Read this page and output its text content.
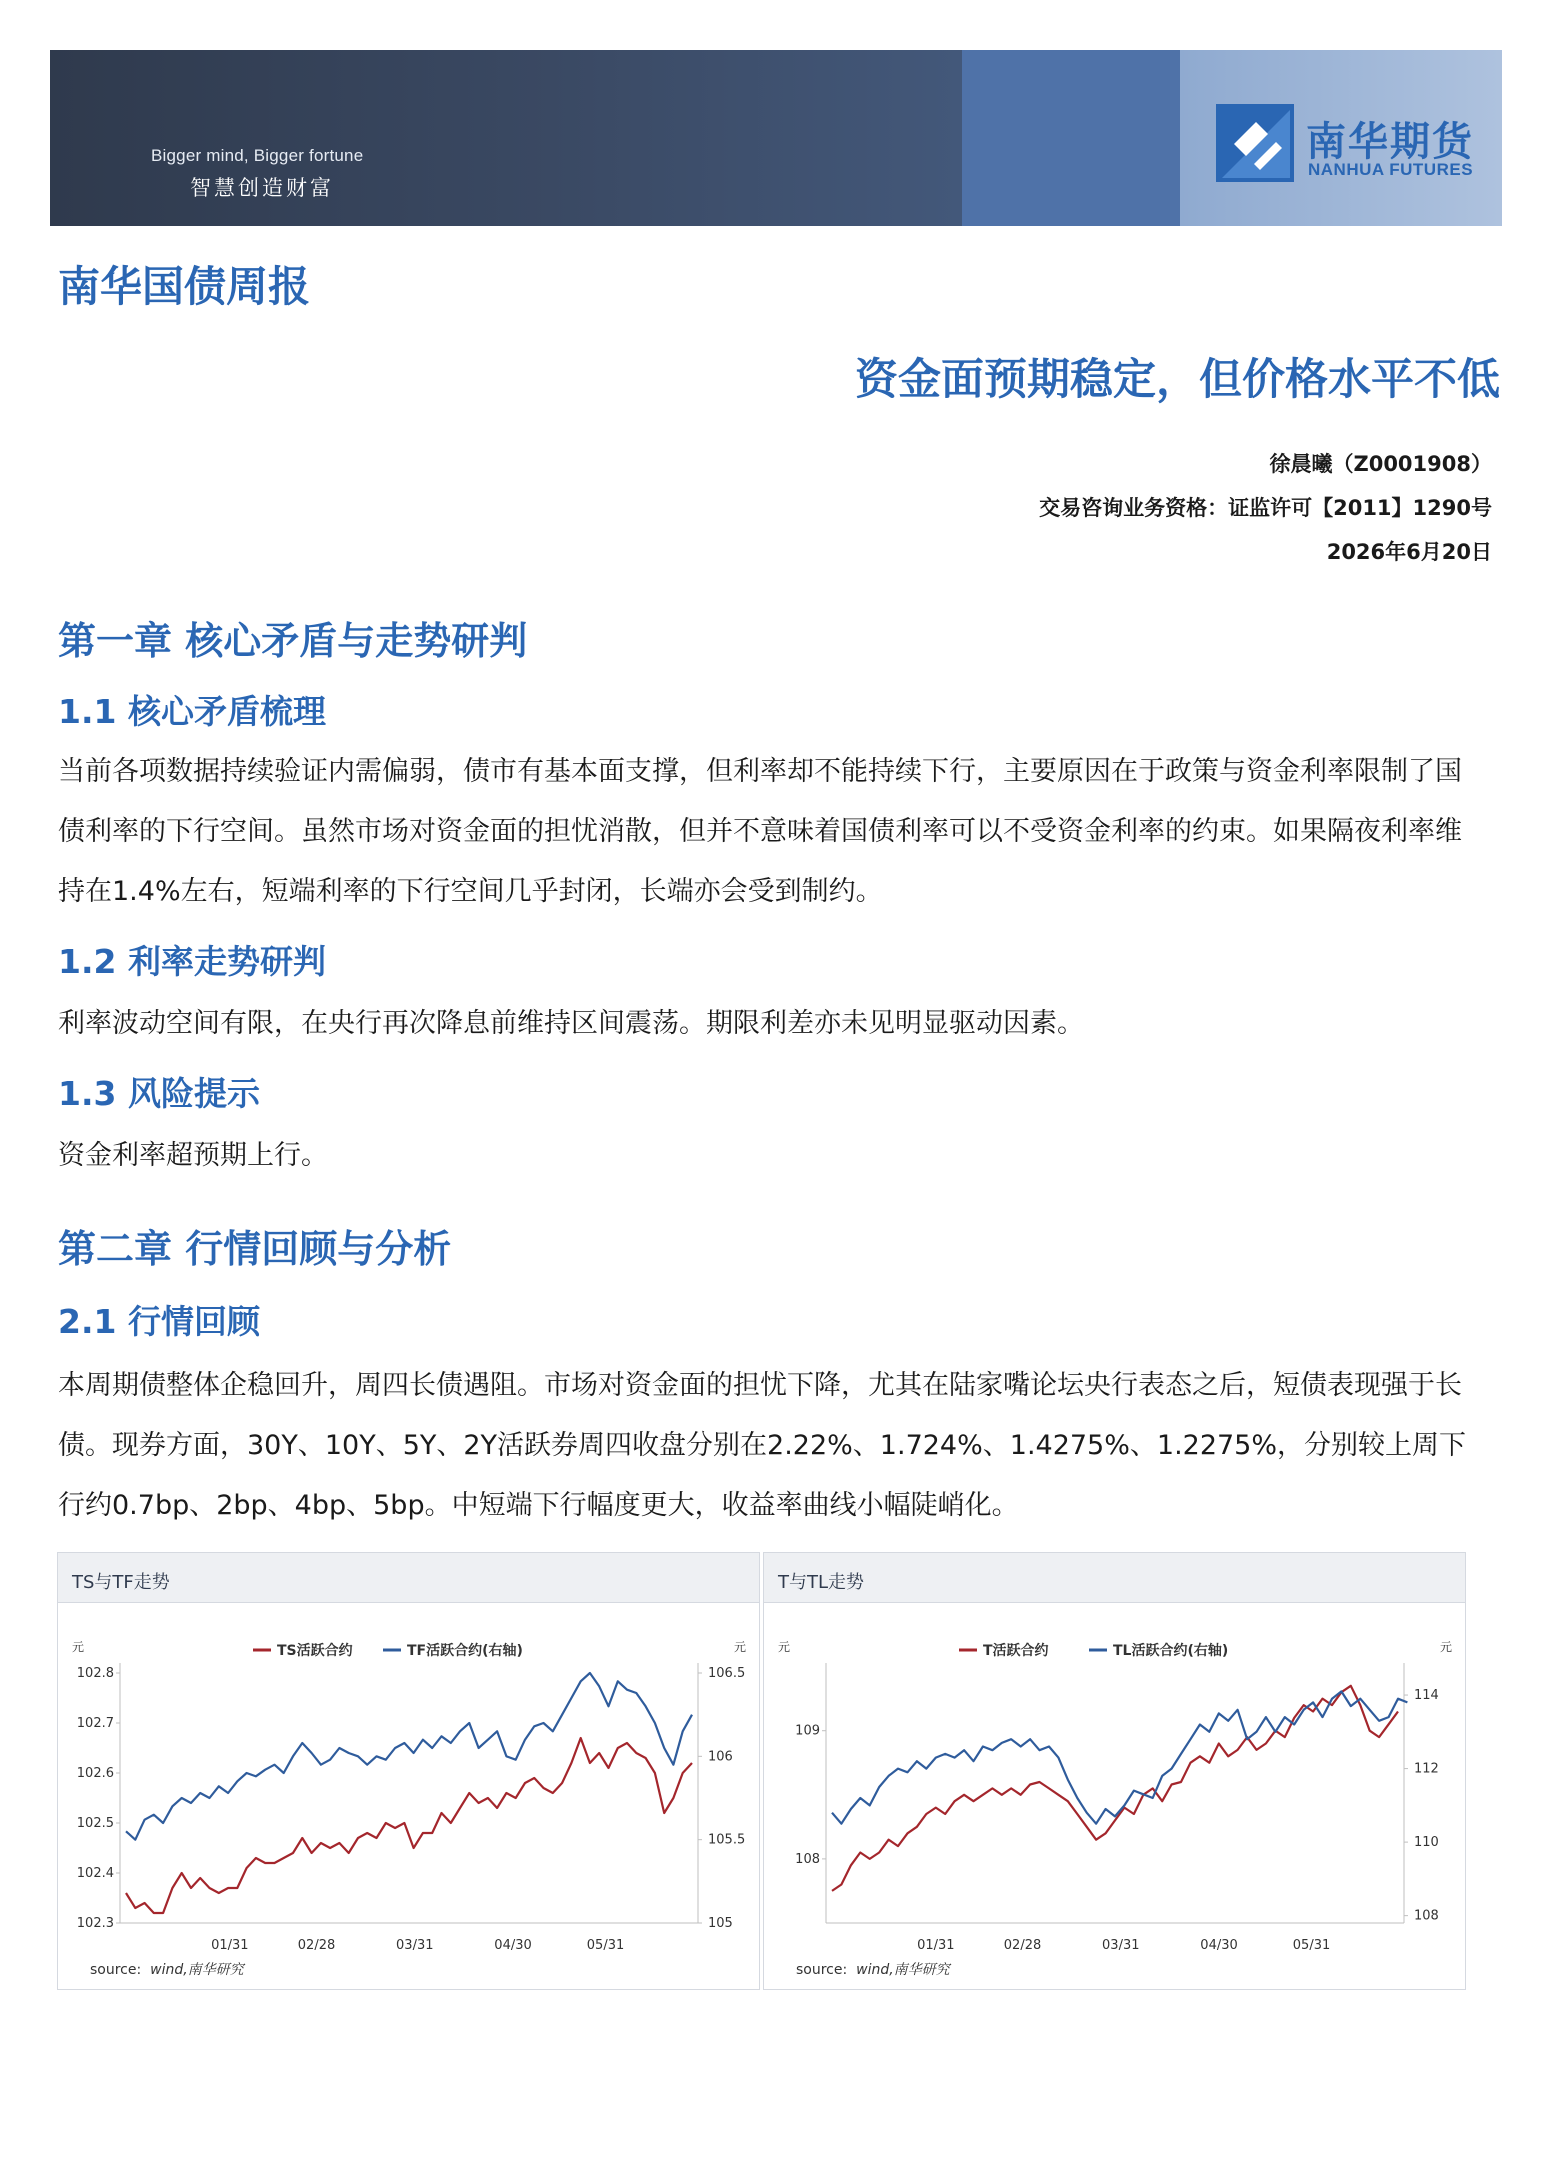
Bigger mind, Bigger fortune
智慧创造财富
南华期货
NANHUA FUTURES
南华国债周报
资金面预期稳定，但价格水平不低
徐晨曦（Z0001908）
交易咨询业务资格：证监许可【2011】1290号
2026年6月20日
第一章 核心矛盾与走势研判
1.1 核心矛盾梳理
当前各项数据持续验证内需偏弱，债市有基本面支撑，但利率却不能持续下行，主要原因在于政策与资金利率限制了国债利率的下行空间。虽然市场对资金面的担忧消散，但并不意味着国债利率可以不受资金利率的约束。如果隔夜利率维持在1.4%左右，短端利率的下行空间几乎封闭，长端亦会受到制约。
1.2 利率走势研判
利率波动空间有限，在央行再次降息前维持区间震荡。期限利差亦未见明显驱动因素。
1.3 风险提示
资金利率超预期上行。
第二章 行情回顾与分析
2.1 行情回顾
本周期债整体企稳回升，周四长债遇阻。市场对资金面的担忧下降，尤其在陆家嘴论坛央行表态之后，短债表现强于长债。现券方面，30Y、10Y、5Y、2Y活跃券周四收盘分别在2.22%、1.724%、1.4275%、1.2275%，分别较上周下行约0.7bp、2bp、4bp、5bp。中短端下行幅度更大，收益率曲线小幅陡峭化。
TS与TF走势
元	元
102.8
102.7
102.6
102.5
102.4
102.3
106.5
106
105.5
105
01/31	02/28	03/31	04/30	05/31
TS活跃合约	TF活跃合约(右轴)
source: wind,南华研究
T与TL走势
元	元
109
108
114
112
110
108
01/31	02/28	03/31	04/30	05/31
T活跃合约	TL活跃合约(右轴)
source: wind,南华研究
